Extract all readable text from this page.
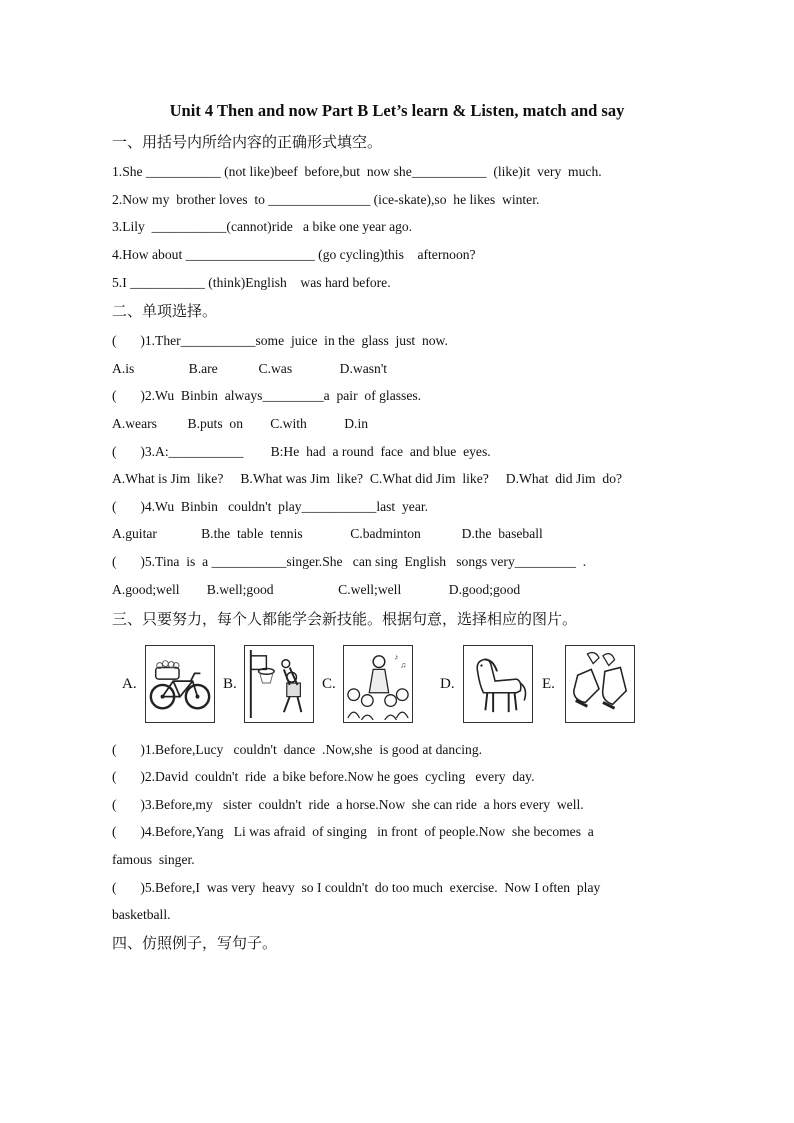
Unit 4 Then and now Part B Let’s learn & Listen, match and say
一、用括号内所给内容的正确形式填空。
1.She ___________ (not like)beef  before,but  now she___________  (like)it  very  much.
2.Now my  brother loves  to _______________ (ice-skate),so  he likes  winter.
3.Lily  ___________(cannot)ride   a bike one year ago.
4.How about ___________________ (go cycling)this    afternoon?
5.I ___________ (think)English    was hard before.
二、单项选择。
(       )1.Ther___________some  juice  in the  glass  just  now.
A.is                B.are            C.was              D.wasn't
(       )2.Wu  Binbin  always_________a  pair  of glasses.
A.wears         B.puts  on        C.with           D.in
(       )3.A:___________        B:He  had  a round  face  and blue  eyes.
A.What is Jim  like?     B.What was Jim  like?  C.What did Jim  like?     D.What  did Jim  do?
(       )4.Wu  Binbin   couldn't  play___________last  year.
A.guitar             B.the  table  tennis              C.badminton            D.the  baseball
(       )5.Tina  is  a ___________singer.She   can sing  English   songs very_________  .
A.good;well        B.well;good                   C.well;well              D.good;good
三、只要努力，每个人都能学会新技能。根据句意，选择相应的图片。
A.	B.	C.
♪
♫
D.	E.
(       )1.Before,Lucy   couldn't  dance  .Now,she  is good at dancing.
(       )2.David  couldn't  ride  a bike before.Now he goes  cycling   every  day.
(       )3.Before,my   sister  couldn't  ride  a horse.Now  she can ride  a hors every  well.
(       )4.Before,Yang   Li was afraid  of singing   in front  of people.Now  she becomes  a
famous  singer.
(       )5.Before,I  was very  heavy  so I couldn't  do too much  exercise.  Now I often  play
basketball.
四、仿照例子，写句子。
